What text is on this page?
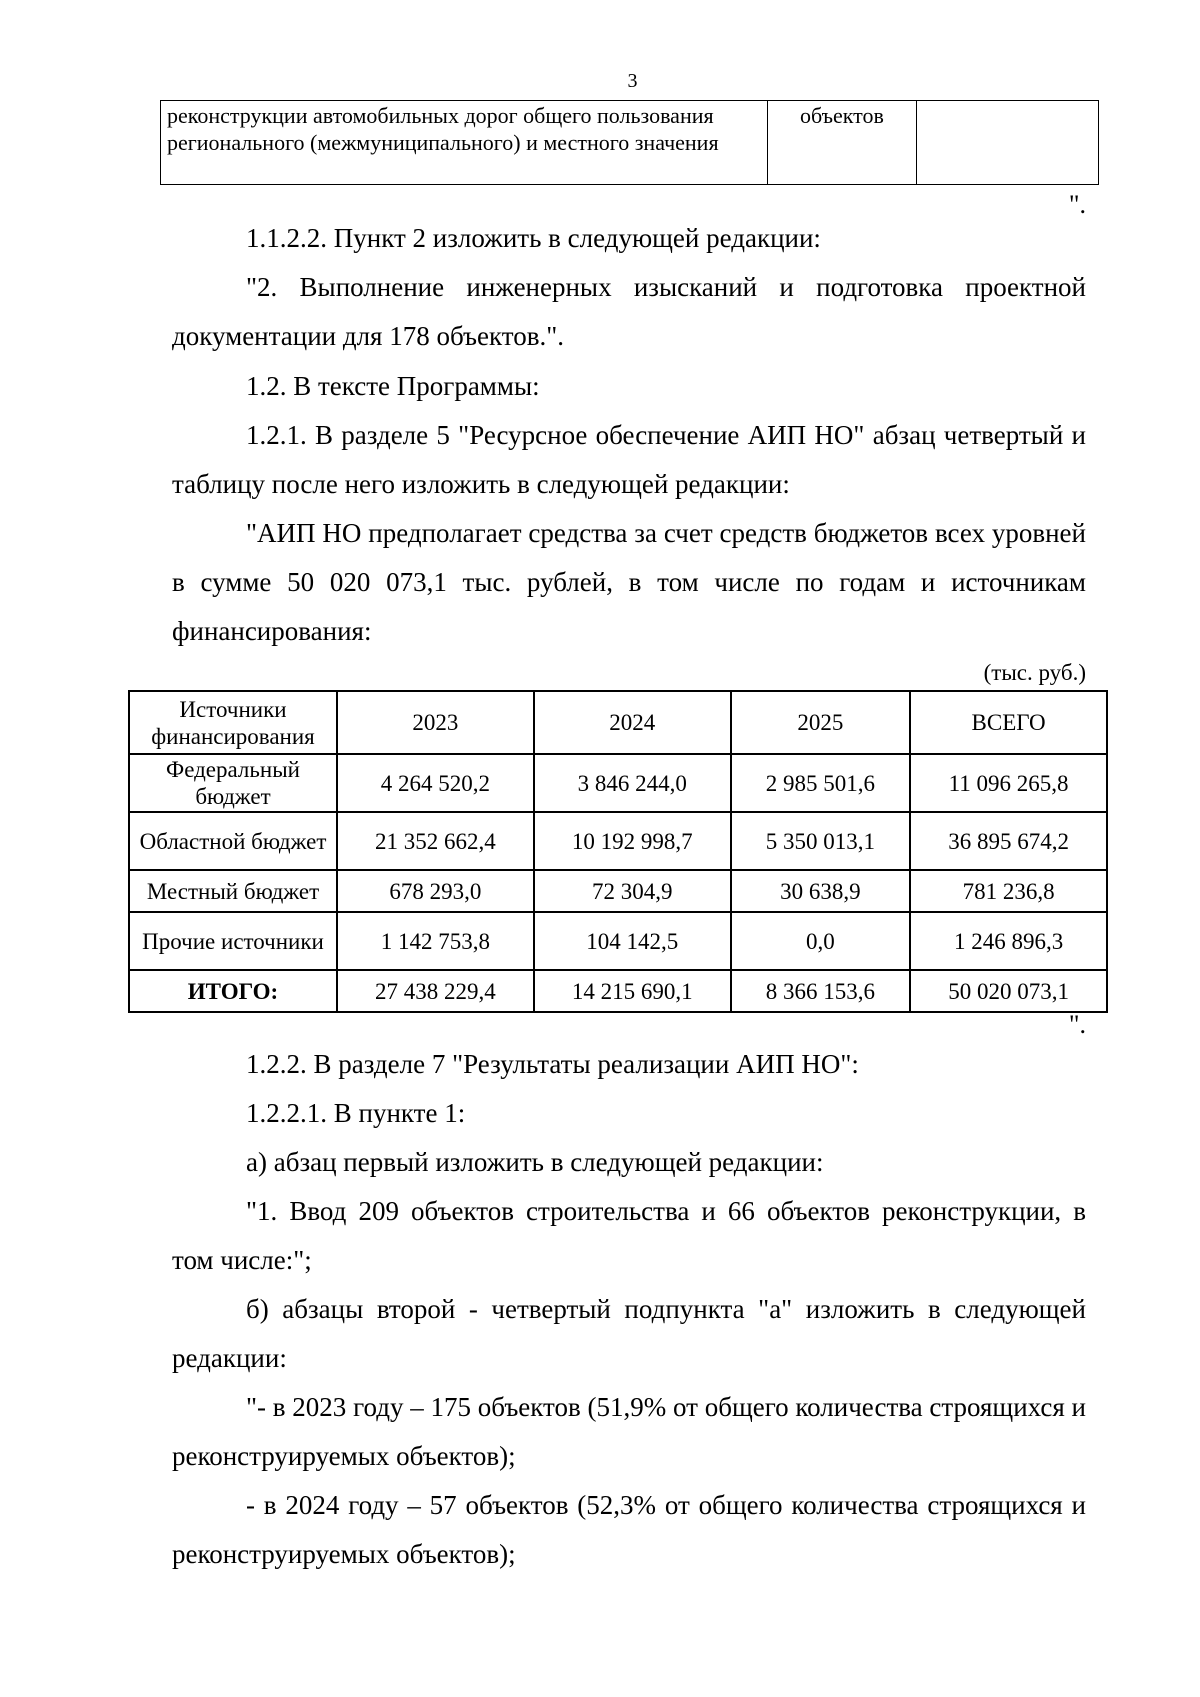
3
реконструкции автомобильных дорог общего пользования регионального (межмуниципального) и местного значения	объектов	
".
1.1.2.2. Пункт 2 изложить в следующей редакции:
"2. Выполнение инженерных изысканий и подготовка проектной документации для 178 объектов.".
1.2. В тексте Программы:
1.2.1. В разделе 5 "Ресурсное обеспечение АИП НО" абзац четвертый и таблицу после него изложить в следующей редакции:
"АИП НО предполагает средства за счет средств бюджетов всех уровней в сумме 50 020 073,1 тыс. рублей, в том числе по годам и источникам финансирования:
(тыс. руб.)
Источники финансирования	2023	2024	2025	ВСЕГО
Федеральный бюджет	4 264 520,2	3 846 244,0	2 985 501,6	11 096 265,8
Областной бюджет	21 352 662,4	10 192 998,7	5 350 013,1	36 895 674,2
Местный бюджет	678 293,0	72 304,9	30 638,9	781 236,8
Прочие источники	1 142 753,8	104 142,5	0,0	1 246 896,3
ИТОГО:	27 438 229,4	14 215 690,1	8 366 153,6	50 020 073,1
".
1.2.2. В разделе 7 "Результаты реализации АИП НО":
1.2.2.1. В пункте 1:
а) абзац первый изложить в следующей редакции:
"1. Ввод 209 объектов строительства и 66 объектов реконструкции, в том числе:";
б) абзацы второй - четвертый подпункта "а" изложить в следующей редакции:
"- в 2023 году – 175 объектов (51,9% от общего количества строящихся и реконструируемых объектов);
- в 2024 году – 57 объектов (52,3% от общего количества строящихся и реконструируемых объектов);
